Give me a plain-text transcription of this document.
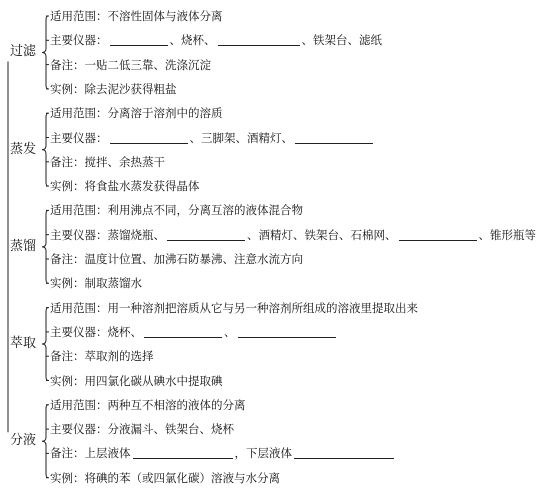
适用范围：不溶性固体与液体分离
主要仪器：	、烧杯、	、铁架台、滤纸
备注：一贴二低三靠、洗涤沉淀
实例：除去泥沙获得粗盐
过滤
适用范围：分离溶于溶剂中的溶质
主要仪器：	、三脚架、酒精灯、
备注：搅拌、余热蒸干
实例：将食盐水蒸发获得晶体
蒸发
适用范围：利用沸点不同，分离互溶的液体混合物
主要仪器：蒸馏烧瓶、	、酒精灯、铁架台、石棉网、	、锥形瓶等
备注：温度计位置、加沸石防暴沸、注意水流方向
实例：制取蒸馏水
蒸馏
适用范围：用一种溶剂把溶质从它与另一种溶剂所组成的溶液里提取出来
主要仪器：烧杯、	、
备注：萃取剂的选择
实例：用四氯化碳从碘水中提取碘
萃取
适用范围：两种互不相溶的液体的分离
主要仪器：分液漏斗、铁架台、烧杯
备注：上层液体	，下层液体
实例：将碘的苯（或四氯化碳）溶液与水分离
分液
